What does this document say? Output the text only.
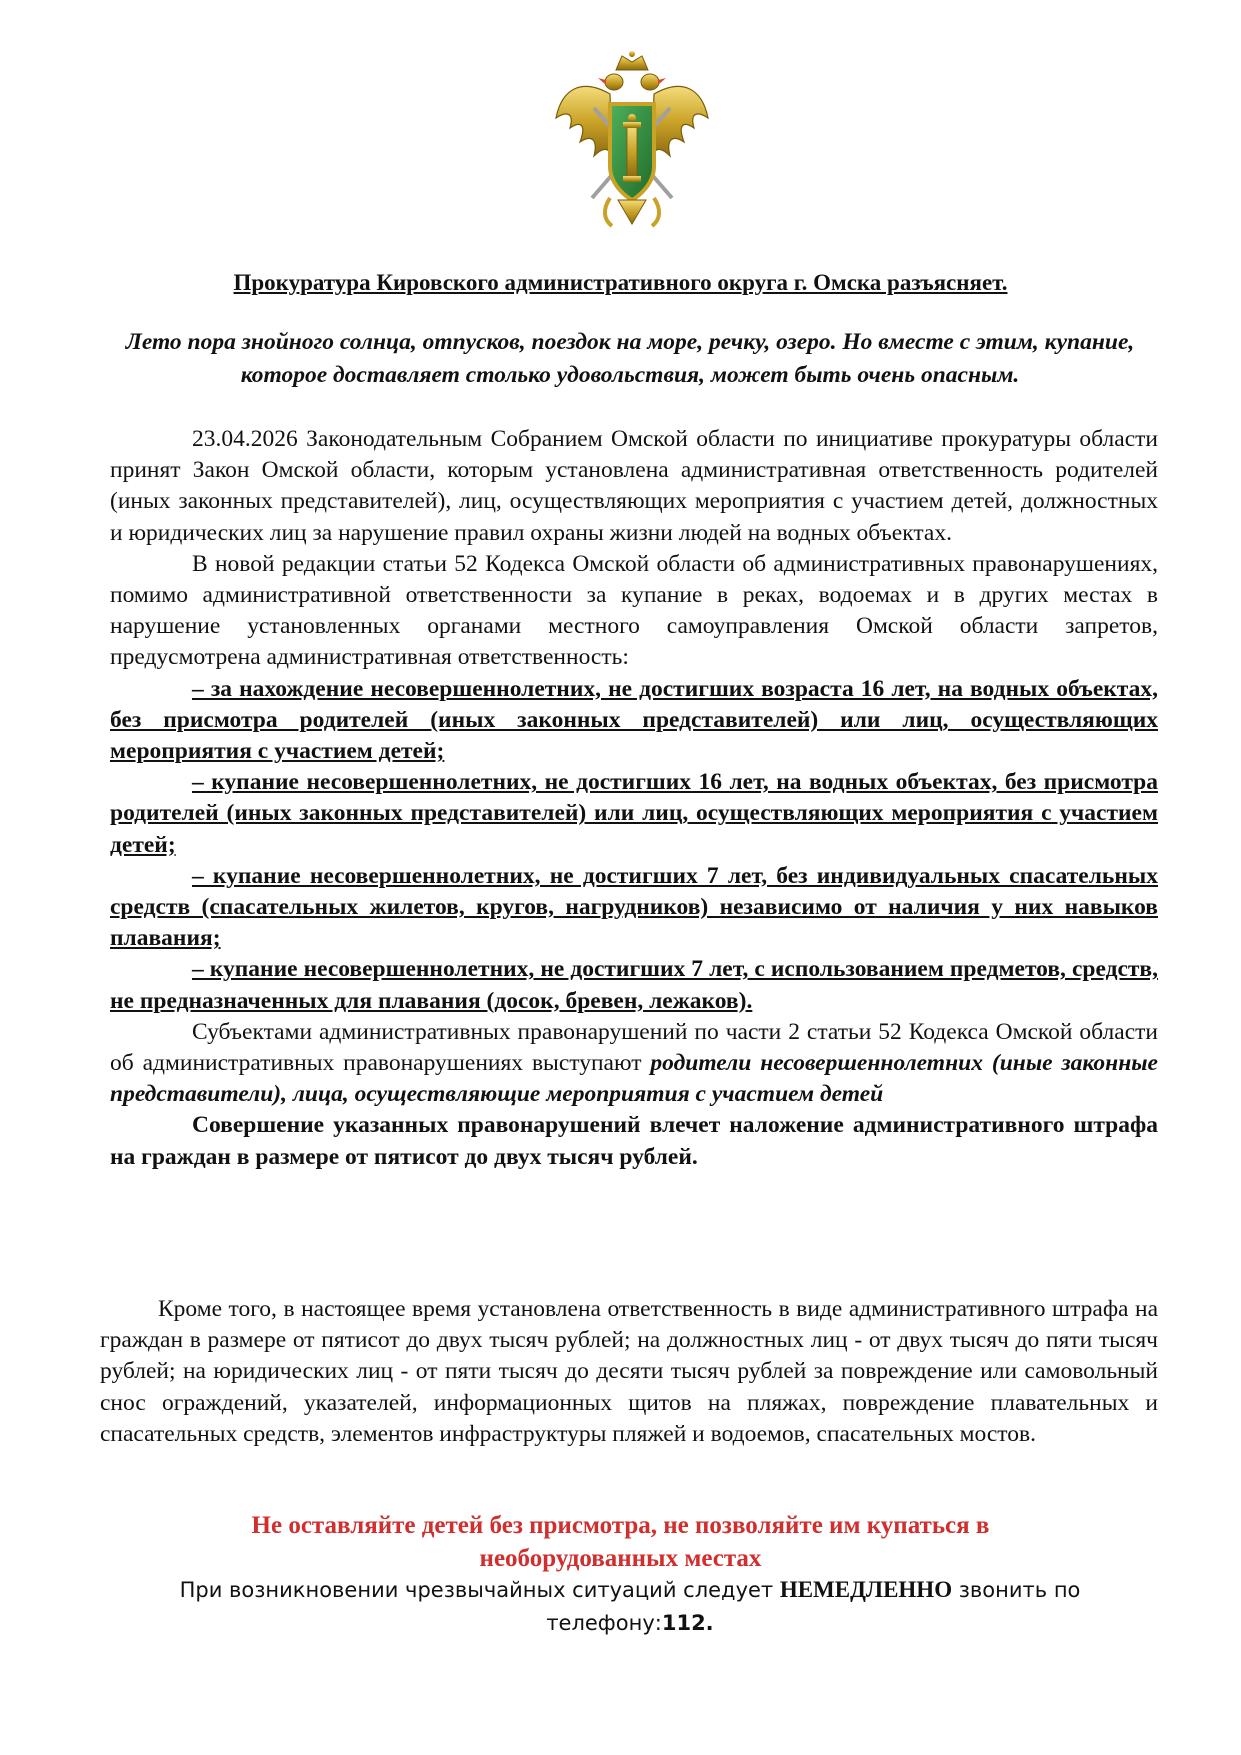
Прокуратура Кировского административного округа г. Омска разъясняет.
Лето пора знойного солнца, отпусков, поездок на море, речку, озеро. Но вместе с этим, купание, которое доставляет столько удовольствия, может быть очень опасным.

23.04.2026 Законодательным Собранием Омской области по инициативе прокуратуры области принят Закон Омской области, которым установлена административная ответственность родителей (иных законных представителей), лиц, осуществляющих мероприятия с участием детей, должностных и юридических лиц за нарушение правил охраны жизни людей на водных объектах.

В новой редакции статьи 52 Кодекса Омской области об административных правонарушениях, помимо административной ответственности за купание в реках, водоемах и в других местах в нарушение установленных органами местного самоуправления Омской области запретов, предусмотрена административная ответственность:

– за нахождение несовершеннолетних, не достигших возраста 16 лет, на водных объектах, без присмотра родителей (иных законных представителей) или лиц, осуществляющих мероприятия с участием детей;

– купание несовершеннолетних, не достигших 16 лет, на водных объектах, без присмотра родителей (иных законных представителей) или лиц, осуществляющих мероприятия с участием детей;

– купание несовершеннолетних, не достигших 7 лет, без индивидуальных спасательных средств (спасательных жилетов, кругов, нагрудников) независимо от наличия у них навыков плавания;

– купание несовершеннолетних, не достигших 7 лет, с использованием предметов, средств, не предназначенных для плавания (досок, бревен, лежаков).

Субъектами административных правонарушений по части 2 статьи 52 Кодекса Омской области об административных правонарушениях выступают родители несовершеннолетних (иные законные представители), лица, осуществляющие мероприятия с участием детей

Совершение указанных правонарушений влечет наложение административного штрафа на граждан в размере от пятисот до двух тысяч рублей.

Кроме того, в настоящее время установлена ответственность в виде административного штрафа на граждан в размере от пятисот до двух тысяч рублей; на должностных лиц - от двух тысяч до пяти тысяч рублей; на юридических лиц - от пяти тысяч до десяти тысяч рублей за повреждение или самовольный снос ограждений, указателей, информационных щитов на пляжах, повреждение плавательных и спасательных средств, элементов инфраструктуры пляжей и водоемов, спасательных мостов.

Не оставляйте детей без присмотра, не позволяйте им купаться в
необорудованных местах
При возникновении чрезвычайных ситуаций следует НЕМЕДЛЕННО звонить по телефону:112.
